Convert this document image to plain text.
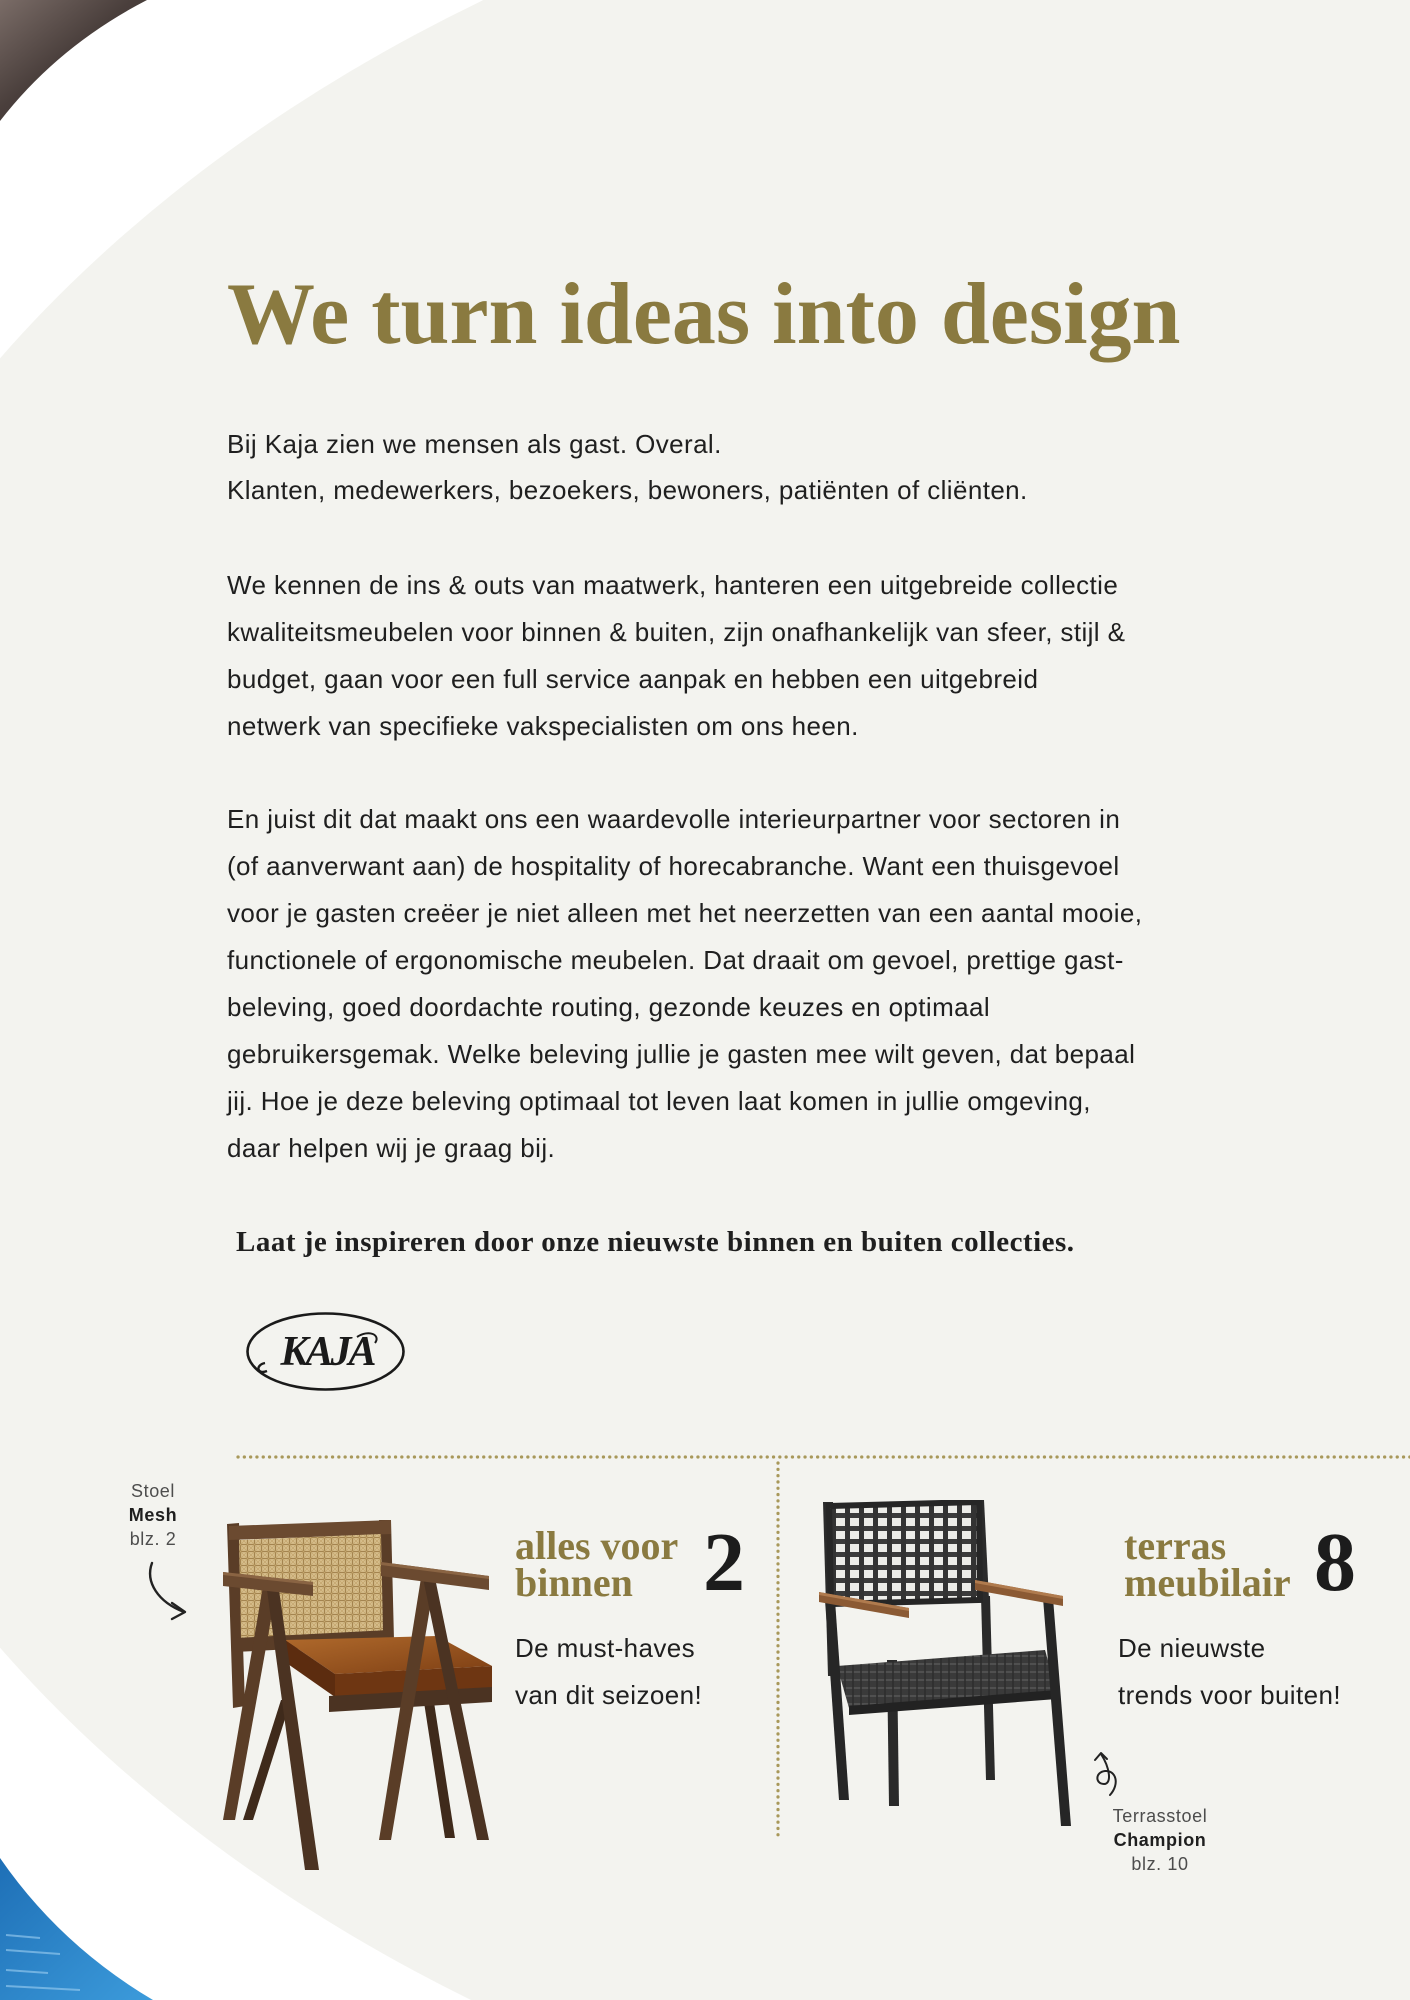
We turn ideas into design

Bij Kaja zien we mensen als gast. Overal.
Klanten, medewerkers, bezoekers, bewoners, patiënten of cliënten.

We kennen de ins & outs van maatwerk, hanteren een uitgebreide collectie
kwaliteitsmeubelen voor binnen & buiten, zijn onafhankelijk van sfeer, stijl &
budget, gaan voor een full service aanpak en hebben een uitgebreid
netwerk van specifieke vakspecialisten om ons heen.

En juist dit dat maakt ons een waardevolle interieurpartner voor sectoren in
(of aanverwant aan) de hospitality of horecabranche. Want een thuisgevoel
voor je gasten creëer je niet alleen met het neerzetten van een aantal mooie,
functionele of ergonomische meubelen. Dat draait om gevoel, prettige gast-
beleving, goed doordachte routing, gezonde keuzes en optimaal
gebruikersgemak. Welke beleving jullie je gasten mee wilt geven, dat bepaal
jij. Hoe je deze beleving optimaal tot leven laat komen in jullie omgeving,
daar helpen wij je graag bij.

Laat je inspireren door onze nieuwste binnen en buiten collecties.

KAJA
Stoel
Mesh
blz. 2	alles voor
binnen 2
De must-haves
van dit seizoen!
terras
meubilair 8
De nieuwste
trends voor buiten!
Terrasstoel
Champion
blz. 10
